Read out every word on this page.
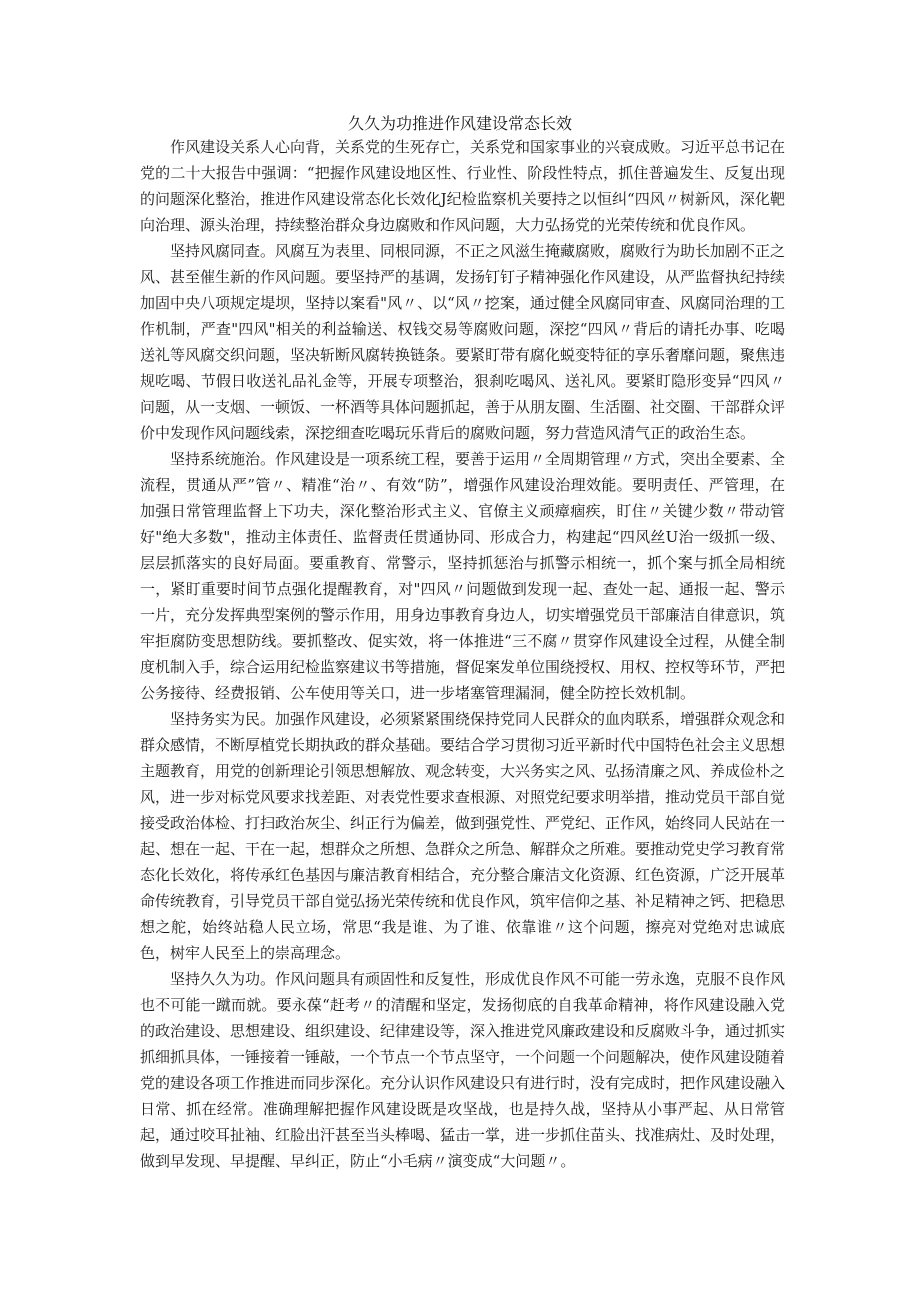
久久为功推进作风建设常态长效

作风建设关系人心向背，关系党的生死存亡，关系党和国家事业的兴衰成败。习近平总书记在党的二十大报告中强调：“把握作风建设地区性、行业性、阶段性特点，抓住普遍发生、反复出现的问题深化整治，推进作风建设常态化长效化J纪检监察机关要持之以恒纠“四风〃树新风，深化靶向治理、源头治理，持续整治群众身边腐败和作风问题，大力弘扬党的光荣传统和优良作风。

坚持风腐同查。风腐互为表里、同根同源，不正之风滋生掩藏腐败，腐败行为助长加剧不正之风、甚至催生新的作风问题。要坚持严的基调，发扬钉钉子精神强化作风建设，从严监督执纪持续加固中央八项规定堤坝，坚持以案看"风〃、以“风〃挖案，通过健全风腐同审查、风腐同治理的工作机制，严查"四风"相关的利益输送、权钱交易等腐败问题，深挖“四风〃背后的请托办事、吃喝送礼等风腐交织问题，坚决斩断风腐转换链条。要紧盯带有腐化蜕变特征的享乐奢靡问题，聚焦违规吃喝、节假日收送礼品礼金等，开展专项整治，狠刹吃喝风、送礼风。要紧盯隐形变异“四风〃问题，从一支烟、一顿饭、一杯酒等具体问题抓起，善于从朋友圈、生活圈、社交圈、干部群众评价中发现作风问题线索，深挖细查吃喝玩乐背后的腐败问题，努力营造风清气正的政治生态。

坚持系统施治。作风建设是一项系统工程，要善于运用〃全周期管理〃方式，突出全要素、全流程，贯通从严”管〃、精准“治〃、有效“防”，增强作风建设治理效能。要明责任、严管理，在加强日常管理监督上下功夫，深化整治形式主义、官僚主义顽瘴痼疾，盯住〃关键少数〃带动管好"绝大多数"，推动主体责任、监督责任贯通协同、形成合力，构建起“四风丝U治一级抓一级、层层抓落实的良好局面。要重教育、常警示，坚持抓惩治与抓警示相统一，抓个案与抓全局相统一，紧盯重要时间节点强化提醒教育，对"四风〃问题做到发现一起、查处一起、通报一起、警示一片，充分发挥典型案例的警示作用，用身边事教育身边人，切实增强党员干部廉洁自律意识，筑牢拒腐防变思想防线。要抓整改、促实效，将一体推进“三不腐〃贯穿作风建设全过程，从健全制度机制入手，综合运用纪检监察建议书等措施，督促案发单位围绕授权、用权、控权等环节，严把公务接待、经费报销、公车使用等关口，进一步堵塞管理漏洞，健全防控长效机制。

坚持务实为民。加强作风建设，必须紧紧围绕保持党同人民群众的血肉联系，增强群众观念和群众感情，不断厚植党长期执政的群众基础。要结合学习贯彻习近平新时代中国特色社会主义思想主题教育，用党的创新理论引领思想解放、观念转变，大兴务实之风、弘扬清廉之风、养成俭朴之风，进一步对标党风要求找差距、对表党性要求查根源、对照党纪要求明举措，推动党员干部自觉接受政治体检、打扫政治灰尘、纠正行为偏差，做到强党性、严党纪、正作风，始终同人民站在一起、想在一起、干在一起，想群众之所想、急群众之所急、解群众之所难。要推动党史学习教育常态化长效化，将传承红色基因与廉洁教育相结合，充分整合廉洁文化资源、红色资源，广泛开展革命传统教育，引导党员干部自觉弘扬光荣传统和优良作风，筑牢信仰之基、补足精神之钙、把稳思想之舵，始终站稳人民立场，常思“我是谁、为了谁、依靠谁〃这个问题，擦亮对党绝对忠诚底色，树牢人民至上的崇高理念。

坚持久久为功。作风问题具有顽固性和反复性，形成优良作风不可能一劳永逸，克服不良作风也不可能一蹴而就。要永葆“赶考〃的清醒和坚定，发扬彻底的自我革命精神，将作风建设融入党的政治建设、思想建设、组织建设、纪律建设等，深入推进党风廉政建设和反腐败斗争，通过抓实抓细抓具体，一锤接着一锤敲，一个节点一个节点坚守，一个问题一个问题解决，使作风建设随着党的建设各项工作推进而同步深化。充分认识作风建设只有进行时，没有完成时，把作风建设融入日常、抓在经常。准确理解把握作风建设既是攻坚战，也是持久战，坚持从小事严起、从日常管起，通过咬耳扯袖、红脸出汗甚至当头棒喝、猛击一掌，进一步抓住苗头、找准病灶、及时处理，做到早发现、早提醒、早纠正，防止“小毛病〃演变成“大问题〃。
